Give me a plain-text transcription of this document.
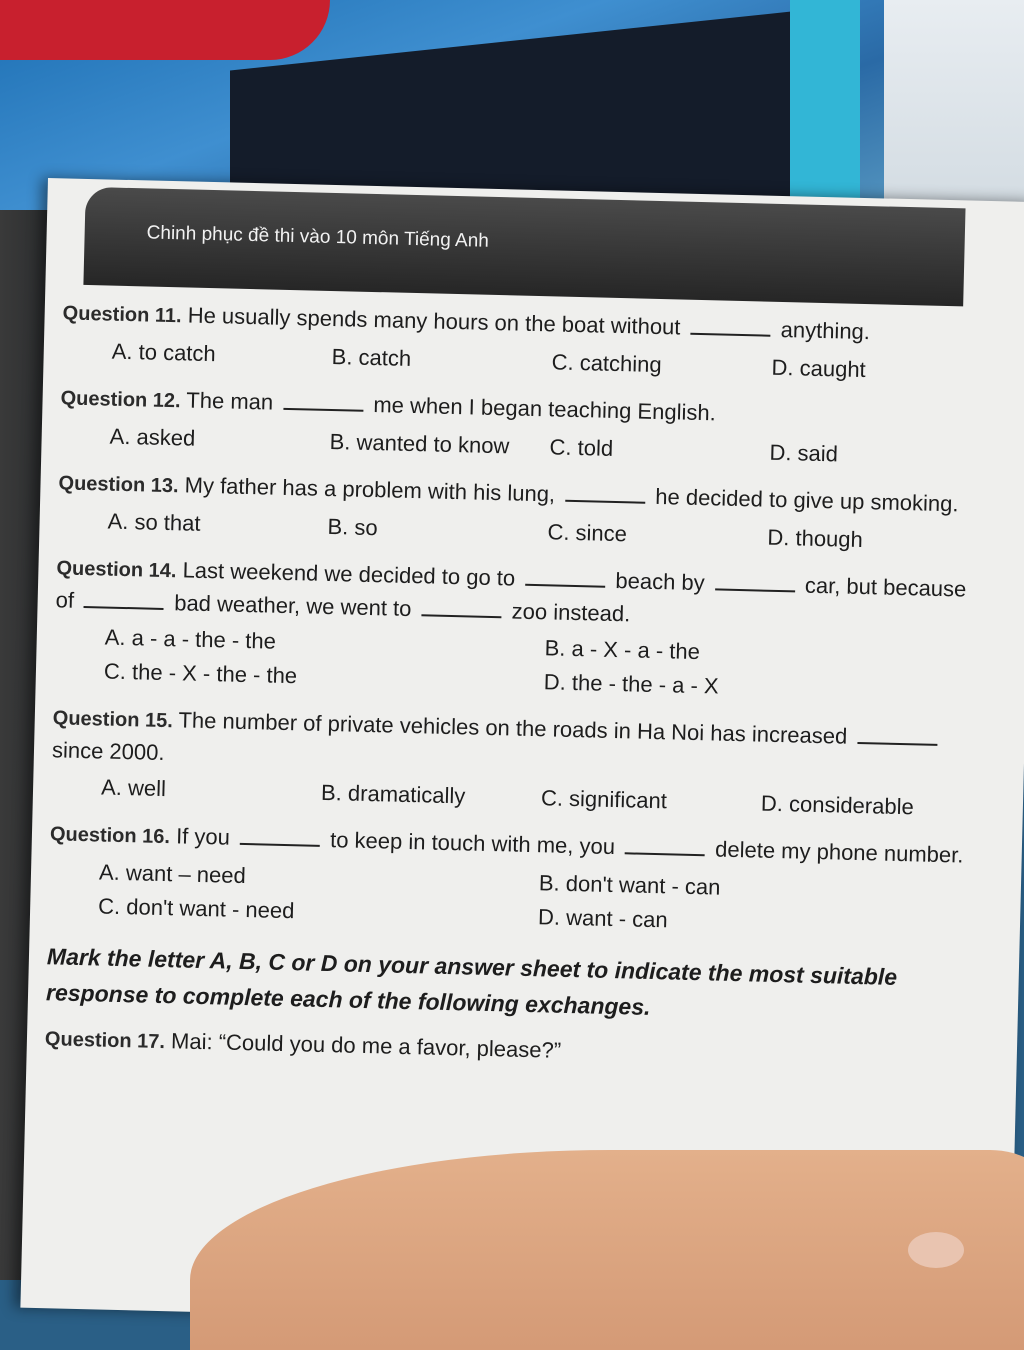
Chinh phục đề thi vào 10 môn Tiếng Anh
Question 11. He usually spends many hours on the boat without	anything.
A. to catch	B. catch	C. catching	D. caught
Question 12. The man	me when I began teaching English.
A. asked	B. wanted to know	C. told	D. said
Question 13. My father has a problem with his lung,	he decided to give up smoking.
A. so that	B. so	C. since	D. though
Question 14. Last weekend we decided to go to	beach by	car, but because of	bad weather, we went to	zoo instead.
A. a - a - the - the	B. a - X - a - the
C. the - X - the - the	D. the - the - a - X
Question 15. The number of private vehicles on the roads in Ha Noi has increased  since 2000.
A. well	B. dramatically	C. significant	D. considerable
Question 16. If you	to keep in touch with me, you	delete my phone number.
A. want – need	B. don't want - can
C. don't want - need	D. want - can
Mark the letter A, B, C or D on your answer sheet to indicate the most suitable response to complete each of the following exchanges.
Question 17. Mai: “Could you do me a favor, please?”
